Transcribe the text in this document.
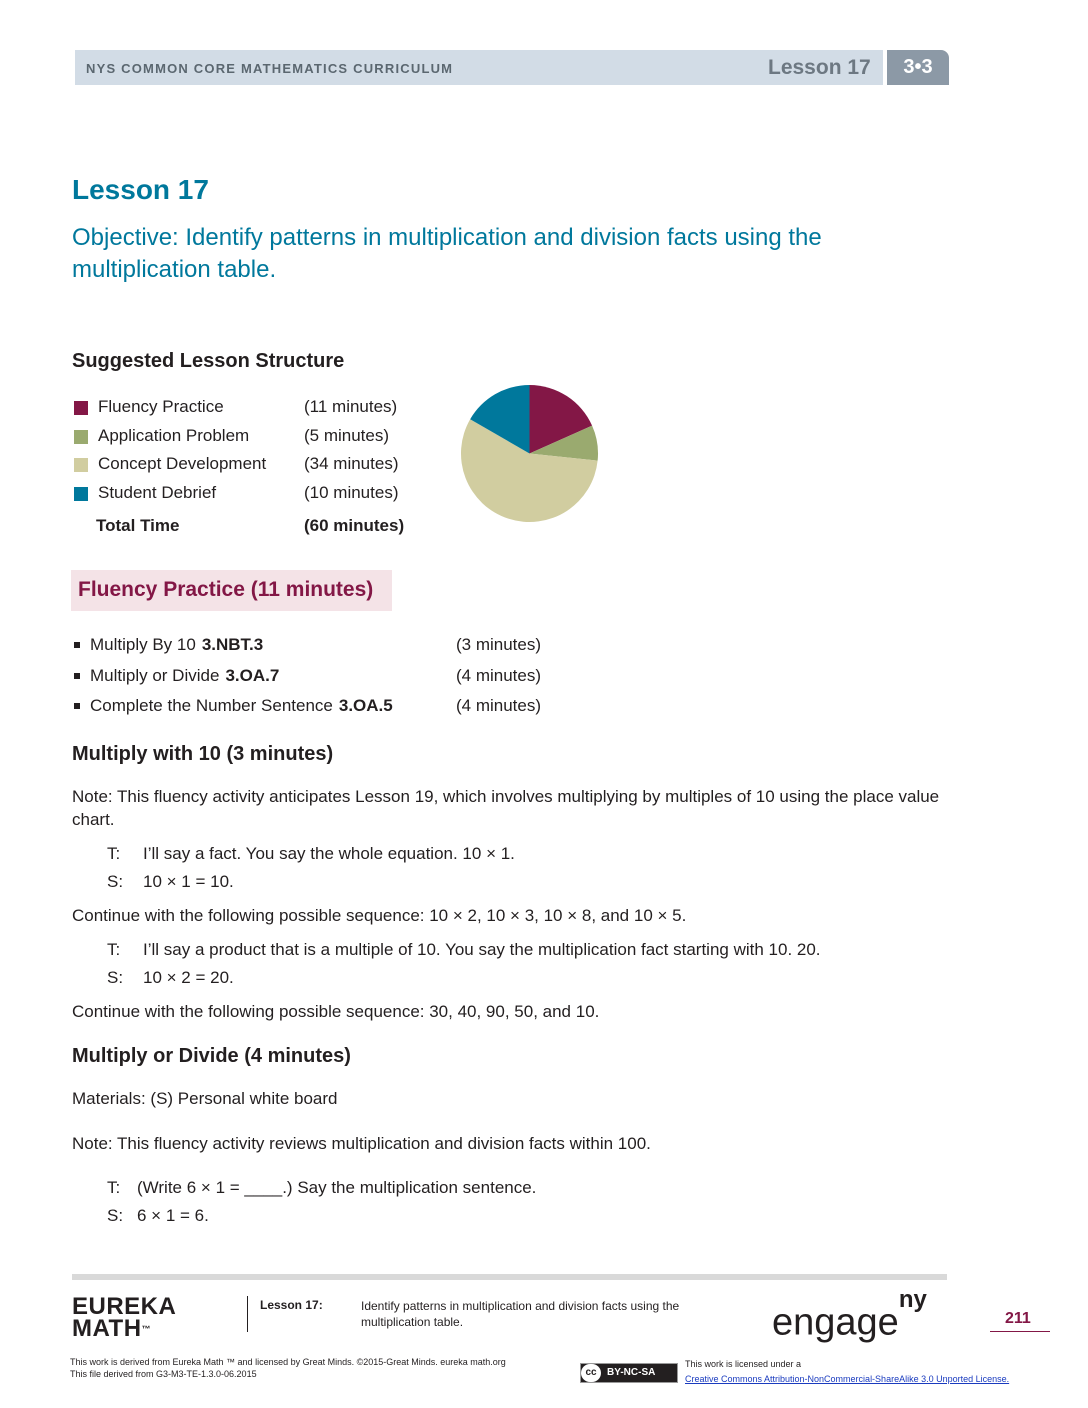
NYS COMMON CORE MATHEMATICS CURRICULUM	Lesson 17	3•3
Lesson 17
Objective: Identify patterns in multiplication and division facts using the multiplication table.
Suggested Lesson Structure
Fluency Practice	(11 minutes)
Application Problem	(5 minutes)
Concept Development (34 minutes)
Student Debrief	(10 minutes)
Total Time	(60 minutes)
Fluency Practice (11 minutes)
Multiply By 10 3.NBT.3	(3 minutes)
Multiply or Divide 3.OA.7	(4 minutes)
Complete the Number Sentence 3.OA.5	(4 minutes)
Multiply with 10 (3 minutes)
Note: This fluency activity anticipates Lesson 19, which involves multiplying by multiples of 10 using the place value chart.
T: I’ll say a fact. You say the whole equation. 10 × 1.
S: 10 × 1 = 10.
Continue with the following possible sequence: 10 × 2, 10 × 3, 10 × 8, and 10 × 5.
T: I’ll say a product that is a multiple of 10. You say the multiplication fact starting with 10. 20.
S: 10 × 2 = 20.
Continue with the following possible sequence: 30, 40, 90, 50, and 10.
Multiply or Divide (4 minutes)
Materials: (S) Personal white board
Note: This fluency activity reviews multiplication and division facts within 100.
T: (Write 6 × 1 = ____.) Say the multiplication sentence.
S: 6 × 1 = 6.
EUREKA
MATH™
Lesson 17:	Identify patterns in multiplication and division facts using the multiplication table.	engage$^{ny}$
211
This work is derived from Eureka Math ™ and licensed by Great Minds. ©2015-Great Minds. eureka math.org
This file derived from G3-M3-TE-1.3.0-06.2015	cc BY-NC-SA
This work is licensed under a
Creative Commons Attribution-NonCommercial-ShareAlike 3.0 Unported License.
